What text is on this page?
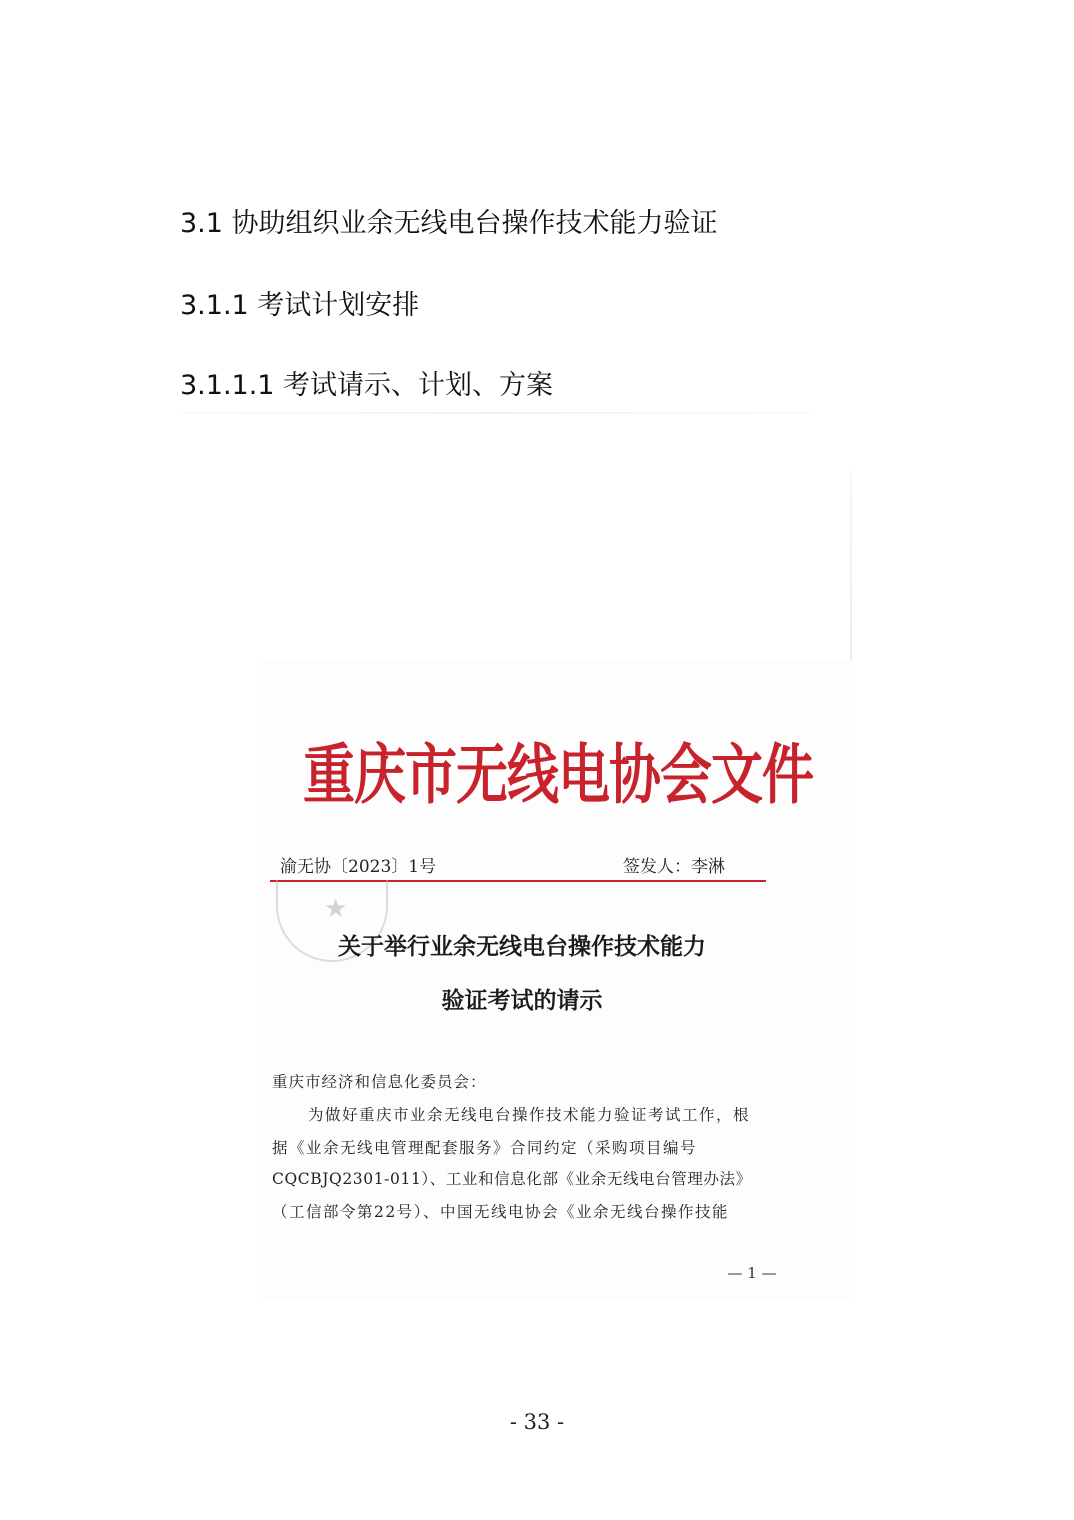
3.1 协助组织业余无线电台操作技术能力验证
3.1.1 考试计划安排
3.1.1.1 考试请示、计划、方案
重庆市无线电协会文件
渝无协〔2023〕1号	签发人：李淋
★
关于举行业余无线电台操作技术能力
验证考试的请示
重庆市经济和信息化委员会：
为做好重庆市业余无线电台操作技术能力验证考试工作，根
据《业余无线电管理配套服务》合同约定（采购项目编号
CQCBJQ2301-011）、工业和信息化部《业余无线电台管理办法》
（工信部令第22号）、中国无线电协会《业余无线台操作技能
— 1 —
- 33 -
